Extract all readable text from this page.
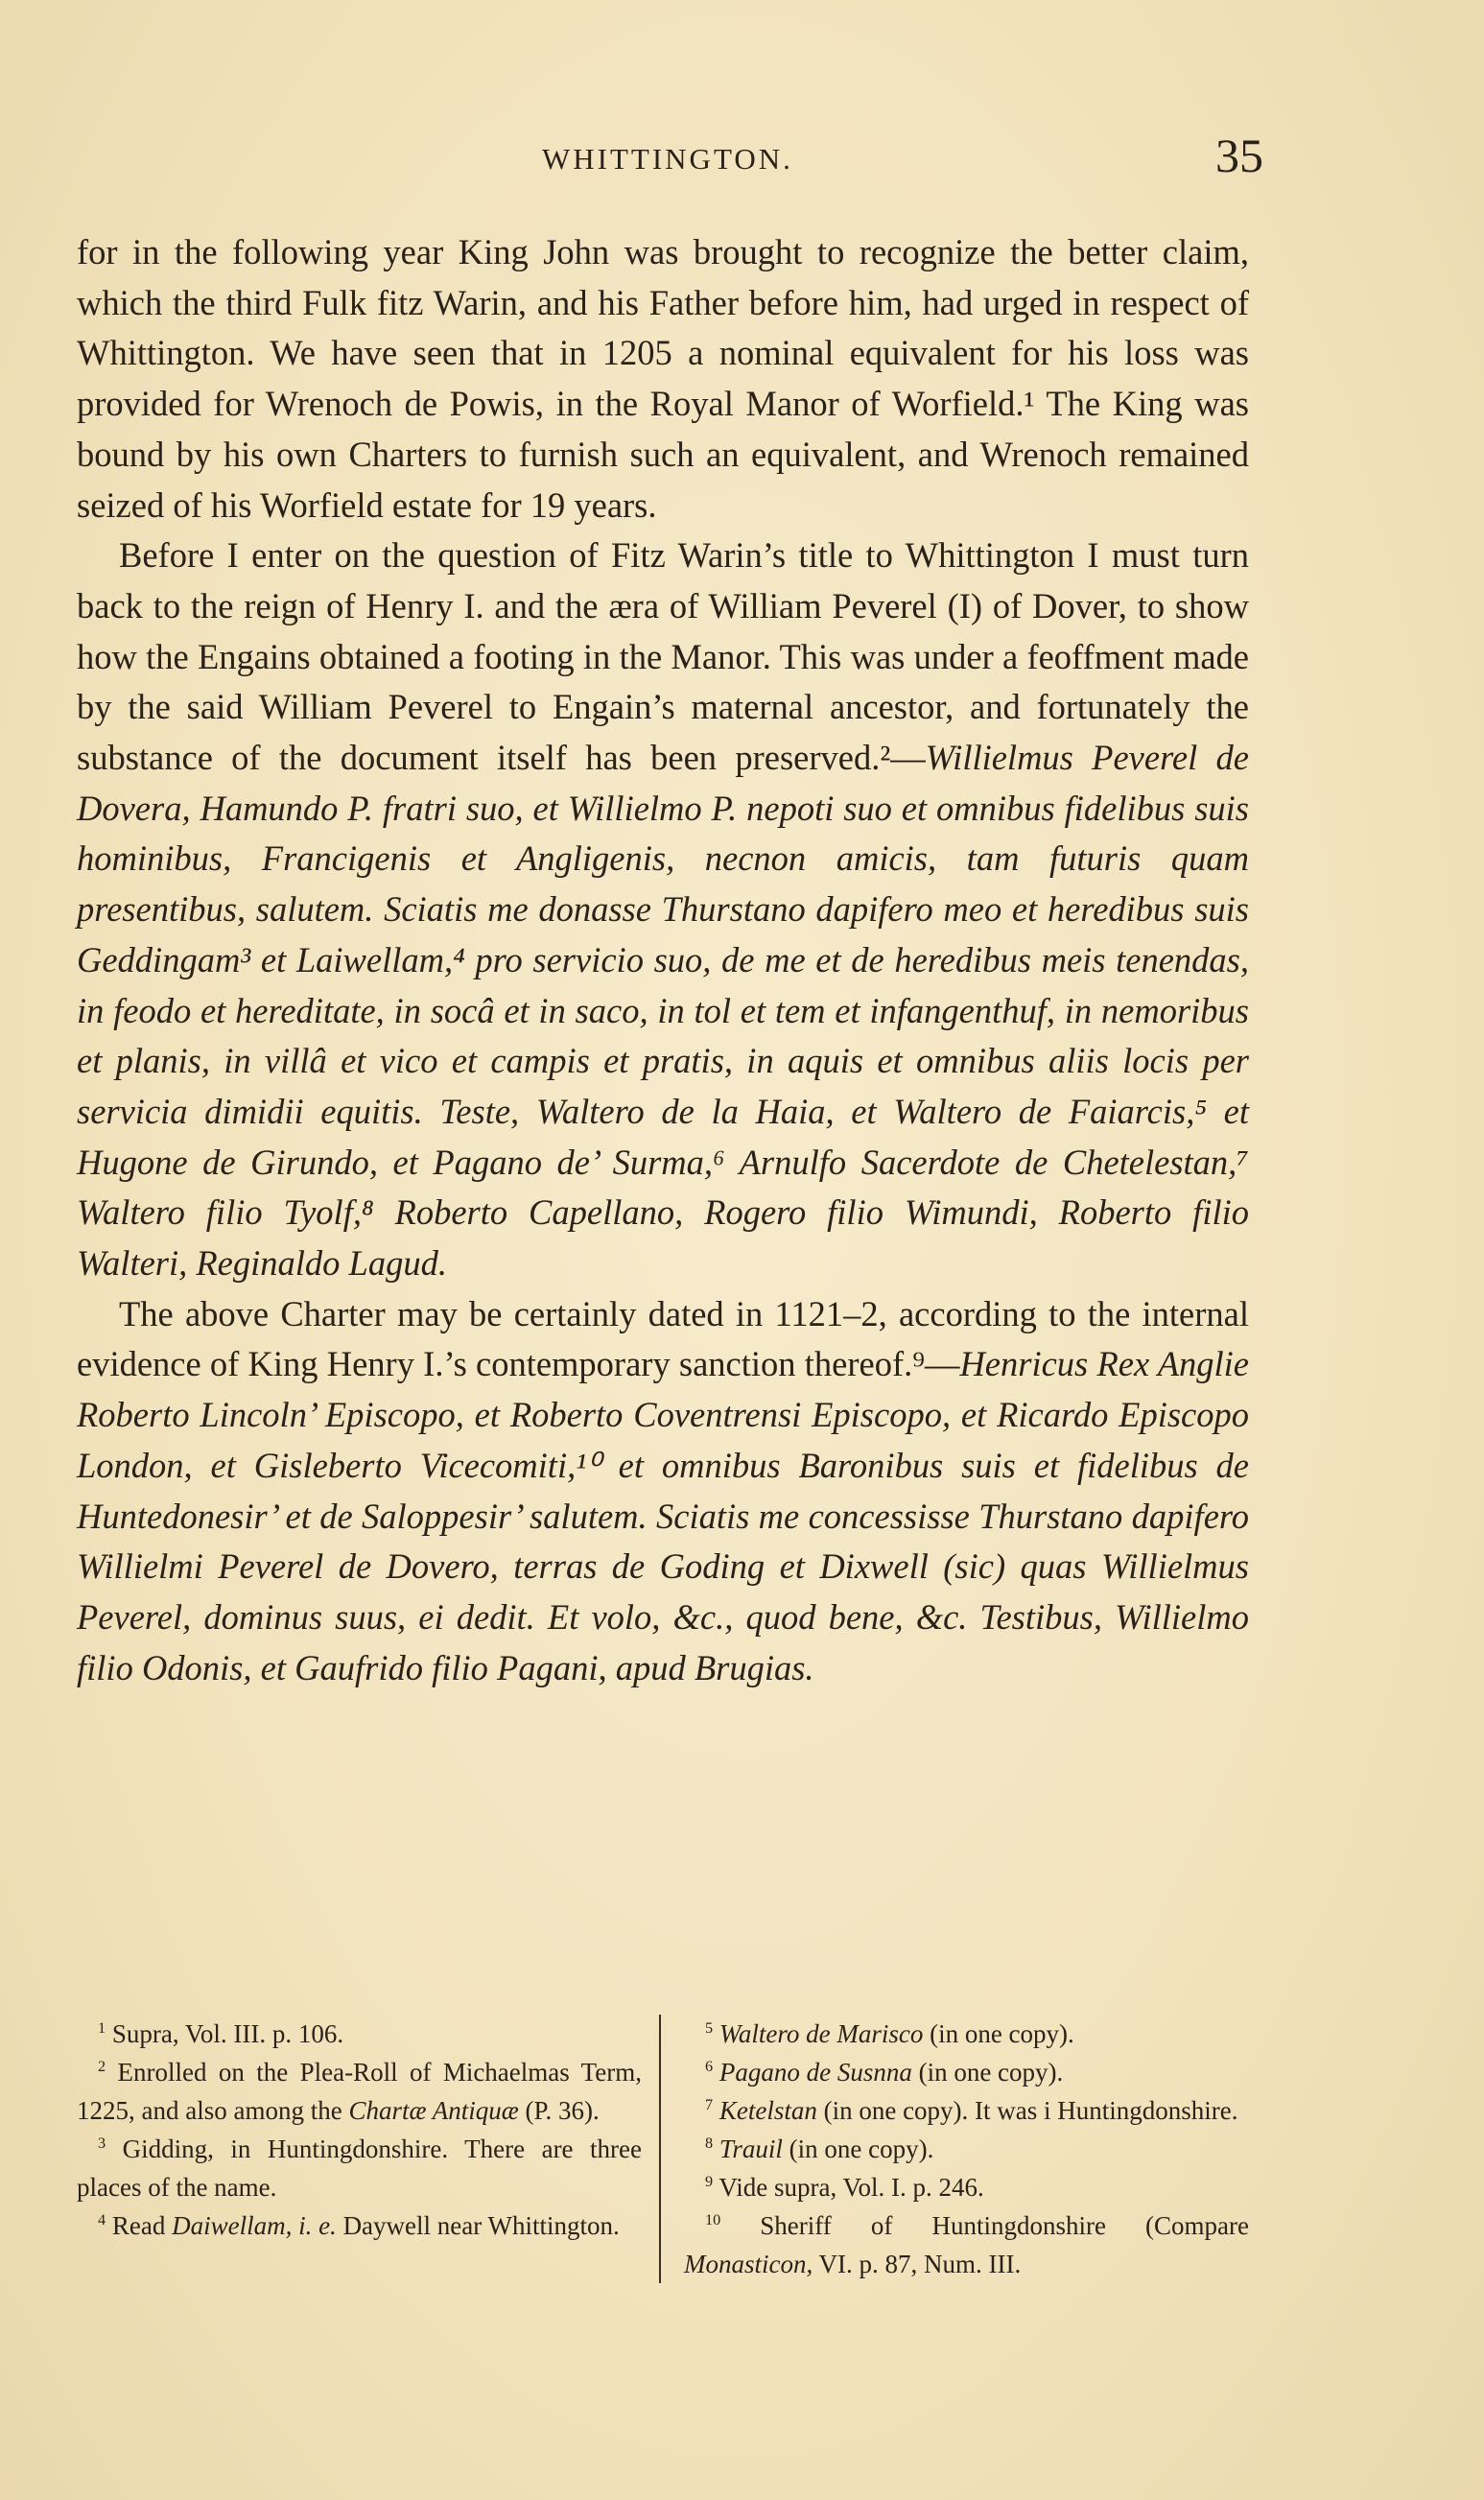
WHITTINGTON.	35

for in the following year King John was brought to recognize the better claim, which the third Fulk fitz Warin, and his Father before him, had urged in respect of Whittington. We have seen that in 1205 a nominal equivalent for his loss was provided for Wrenoch de Powis, in the Royal Manor of Worfield.¹ The King was bound by his own Charters to furnish such an equivalent, and Wrenoch remained seized of his Worfield estate for 19 years.

Before I enter on the question of Fitz Warin’s title to Whittington I must turn back to the reign of Henry I. and the æra of William Peverel (I) of Dover, to show how the Engains obtained a footing in the Manor. This was under a feoffment made by the said William Peverel to Engain’s maternal ancestor, and fortunately the substance of the document itself has been preserved.²—Willielmus Peverel de Dovera, Hamundo P. fratri suo, et Willielmo P. nepoti suo et omnibus fidelibus suis hominibus, Francigenis et Angligenis, necnon amicis, tam futuris quam presentibus, salutem. Sciatis me donasse Thurstano dapifero meo et heredibus suis Geddingam³ et Laiwellam,⁴ pro servicio suo, de me et de heredibus meis tenendas, in feodo et hereditate, in socâ et in saco, in tol et tem et infangenthuf, in nemoribus et planis, in villâ et vico et campis et pratis, in aquis et omnibus aliis locis per servicia dimidii equitis. Teste, Waltero de la Haia, et Waltero de Faiarcis,⁵ et Hugone de Girundo, et Pagano de’ Surma,⁶ Arnulfo Sacerdote de Chetelestan,⁷ Waltero filio Tyolf,⁸ Roberto Capellano, Rogero filio Wimundi, Roberto filio Walteri, Reginaldo Lagud.

The above Charter may be certainly dated in 1121–2, according to the internal evidence of King Henry I.’s contemporary sanction thereof.⁹—Henricus Rex Anglie Roberto Lincoln’ Episcopo, et Roberto Coventrensi Episcopo, et Ricardo Episcopo London, et Gisleberto Vicecomiti,¹⁰ et omnibus Baronibus suis et fidelibus de Huntedonesir’ et de Saloppesir’ salutem. Sciatis me concessisse Thurstano dapifero Willielmi Peverel de Dovero, terras de Goding et Dixwell (sic) quas Willielmus Peverel, dominus suus, ei dedit. Et volo, &c., quod bene, &c. Testibus, Willielmo filio Odonis, et Gaufrido filio Pagani, apud Brugias.

$^1$ Supra, Vol. III. p. 106.

$^2$ Enrolled on the Plea-Roll of Michaelmas Term, 1225, and also among the Chartæ Antiquæ (P. 36).

$^3$ Gidding, in Huntingdonshire. There are three places of the name.

$^4$ Read Daiwellam, i. e. Daywell near Whittington.

$^5$ Waltero de Marisco (in one copy).

$^6$ Pagano de Susnna (in one copy).

$^7$ Ketelstan (in one copy). It was i Huntingdonshire.

$^8$ Trauil (in one copy).

$^9$ Vide supra, Vol. I. p. 246.

$^{10}$ Sheriff of Huntingdonshire (Compare Monasticon, VI. p. 87, Num. III.
